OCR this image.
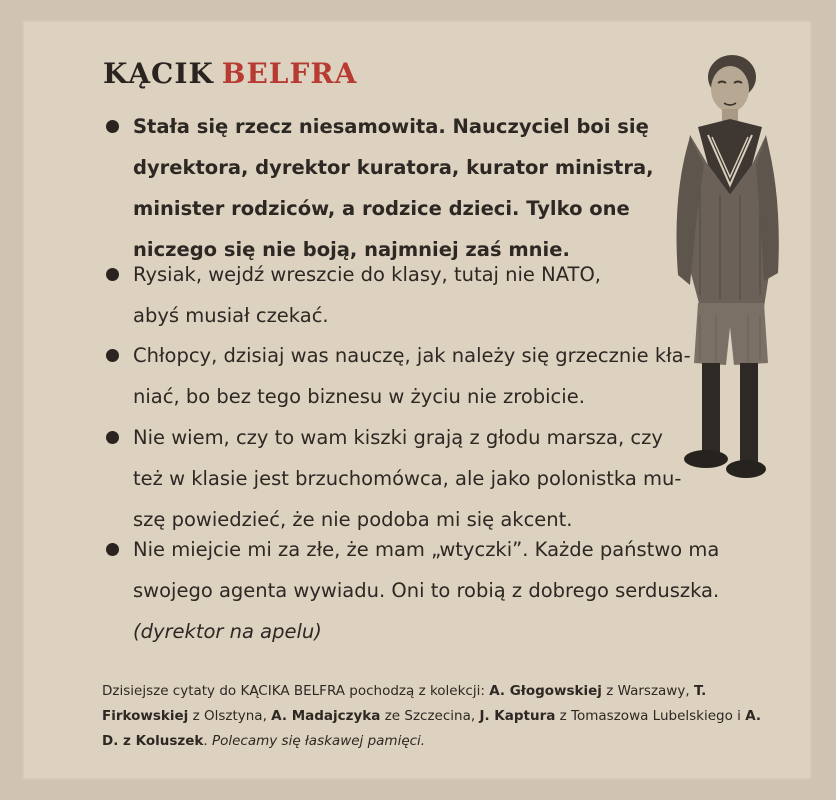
KĄCIK BELFRA
Stała się rzecz niesamowita. Nauczyciel boi się
dyrektora, dyrektor kuratora, kurator ministra,
minister rodziców, a rodzice dzieci. Tylko one
niczego się nie boją, najmniej zaś mnie.
Rysiak, wejdź wreszcie do klasy, tutaj nie NATO,
abyś musiał czekać.
Chłopcy, dzisiaj was nauczę, jak należy się grzecznie kła-
niać, bo bez tego biznesu w życiu nie zrobicie.
Nie wiem, czy to wam kiszki grają z głodu marsza, czy
też w klasie jest brzuchomówca, ale jako polonistka mu-
szę powiedzieć, że nie podoba mi się akcent.
Nie miejcie mi za złe, że mam „wtyczki”. Każde państwo ma
swojego agenta wywiadu. Oni to robią z dobrego serduszka.
(dyrektor na apelu)
Dzisiejsze cytaty do KĄCIKA BELFRA pochodzą z kolekcji: A. Głogowskiej z Warszawy, T. Firkowskiej z Olsztyna, A. Madajczyka ze Szczecina, J. Kaptura z Tomaszowa Lubelskiego i A. D. z Koluszek. Polecamy się łaskawej pamięci.
